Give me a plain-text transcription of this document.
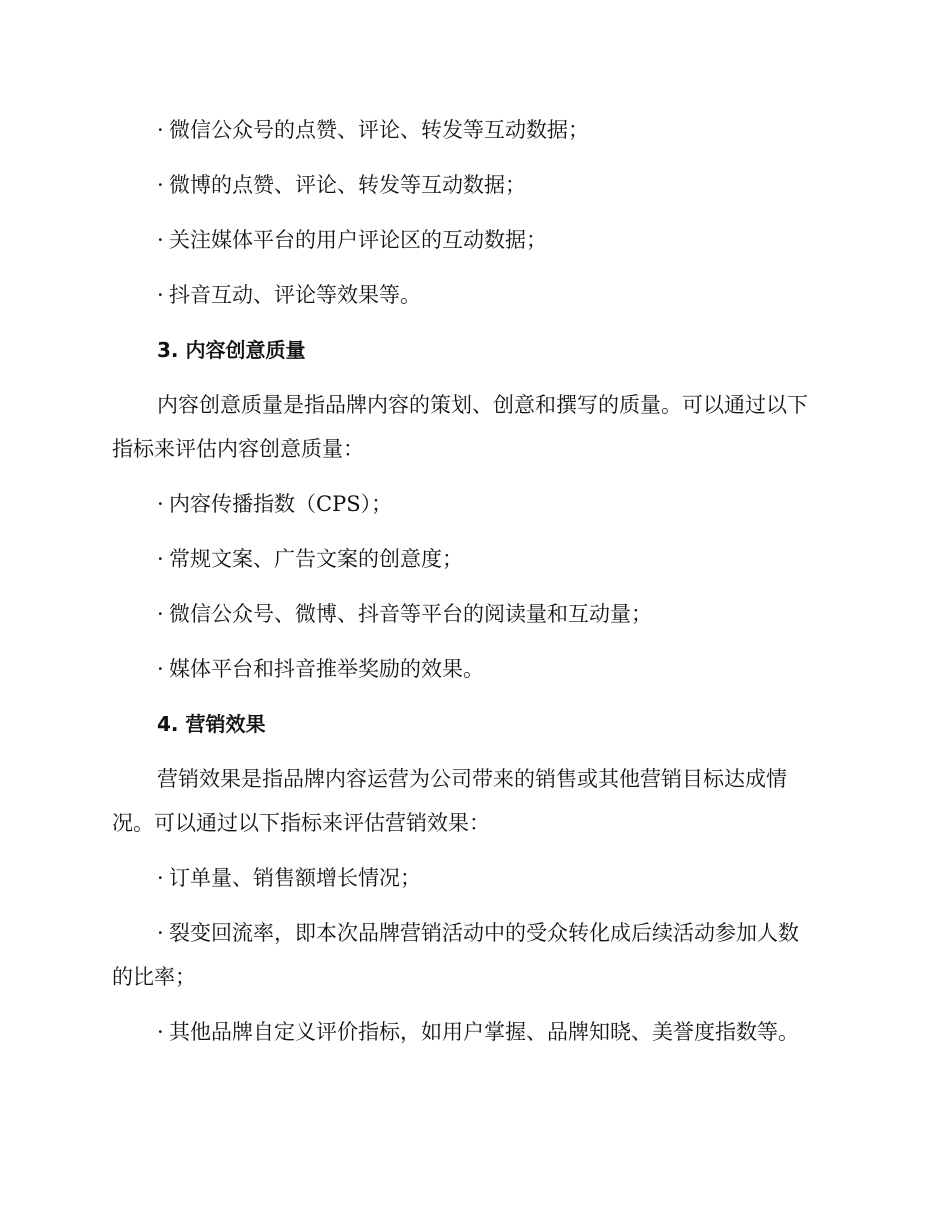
· 微信公众号的点赞、评论、转发等互动数据；

· 微博的点赞、评论、转发等互动数据；

· 关注媒体平台的用户评论区的互动数据；

· 抖音互动、评论等效果等。

3. 内容创意质量

内容创意质量是指品牌内容的策划、创意和撰写的质量。可以通过以下
指标来评估内容创意质量：

· 内容传播指数（CPS）；

· 常规文案、广告文案的创意度；

· 微信公众号、微博、抖音等平台的阅读量和互动量；

· 媒体平台和抖音推举奖励的效果。

4. 营销效果

营销效果是指品牌内容运营为公司带来的销售或其他营销目标达成情
况。可以通过以下指标来评估营销效果：

· 订单量、销售额增长情况；

· 裂变回流率，即本次品牌营销活动中的受众转化成后续活动参加人数
的比率；

· 其他品牌自定义评价指标，如用户掌握、品牌知晓、美誉度指数等。
